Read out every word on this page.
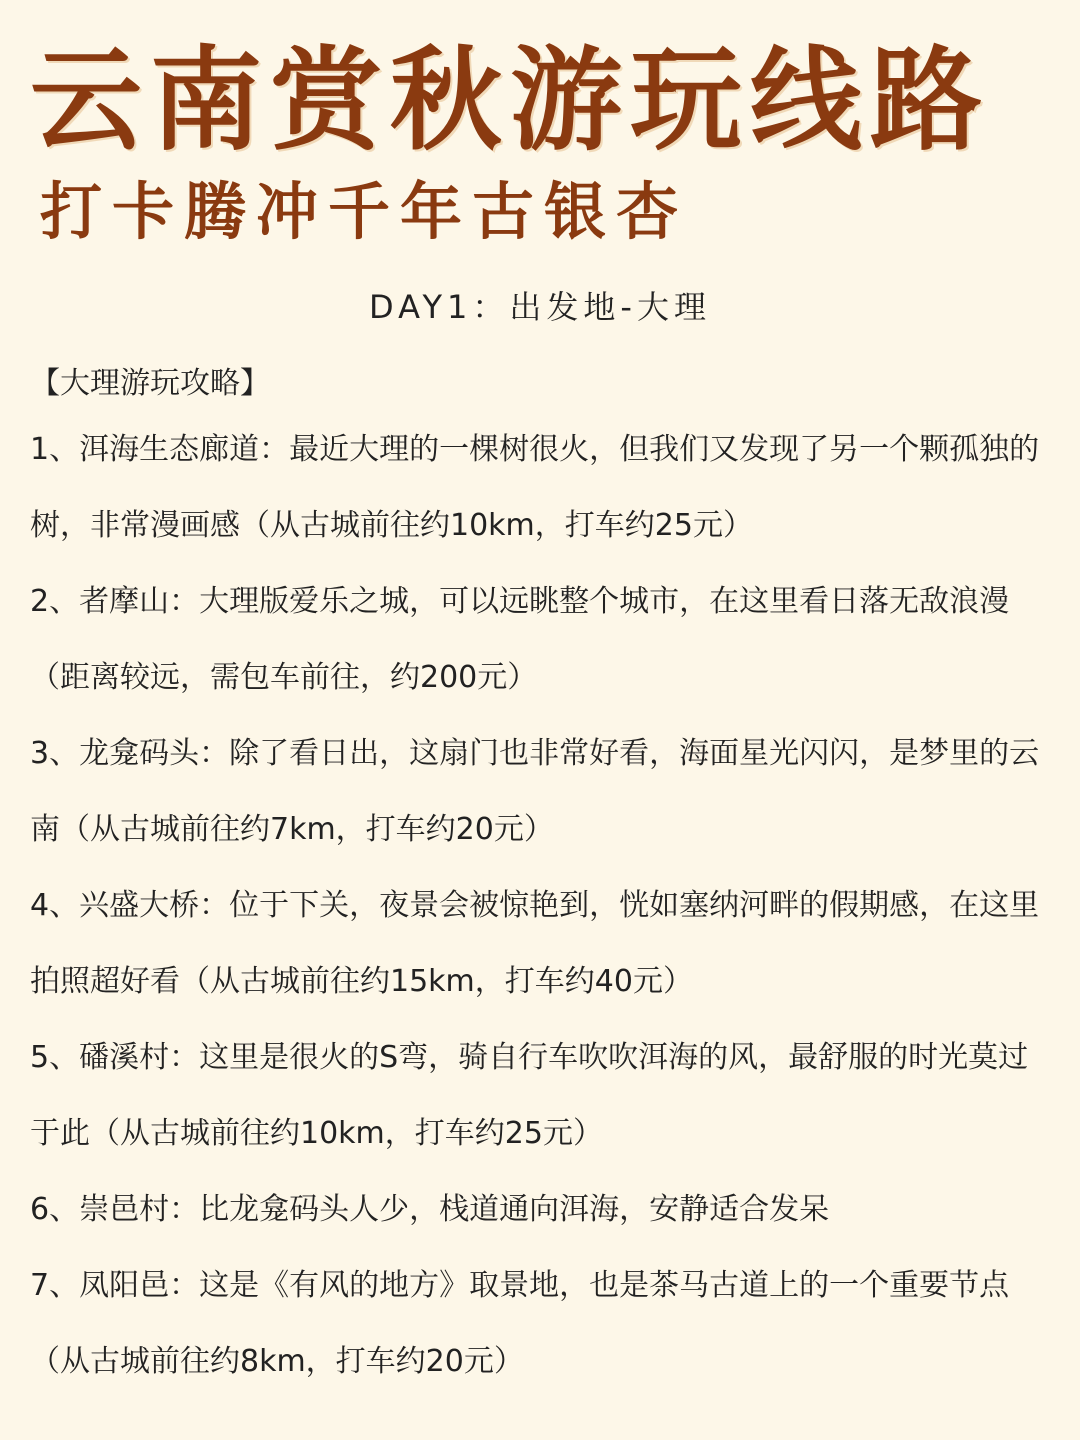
云南赏秋游玩线路
打卡腾冲千年古银杏
DAY1：出发地-大理
【大理游玩攻略】
1、洱海生态廊道：最近大理的一棵树很火，但我们又发现了另一个颗孤独的树，非常漫画感（从古城前往约10km，打车约25元）
2、者摩山：大理版爱乐之城，可以远眺整个城市，在这里看日落无敌浪漫（距离较远，需包车前往，约200元）
3、龙龛码头：除了看日出，这扇门也非常好看，海面星光闪闪，是梦里的云南（从古城前往约7km，打车约20元）
4、兴盛大桥：位于下关，夜景会被惊艳到，恍如塞纳河畔的假期感，在这里拍照超好看（从古城前往约15km，打车约40元）
5、磻溪村：这里是很火的S弯，骑自行车吹吹洱海的风，最舒服的时光莫过于此（从古城前往约10km，打车约25元）
6、崇邑村：比龙龛码头人少，栈道通向洱海，安静适合发呆
7、凤阳邑：这是《有风的地方》取景地，也是茶马古道上的一个重要节点（从古城前往约8km，打车约20元）
